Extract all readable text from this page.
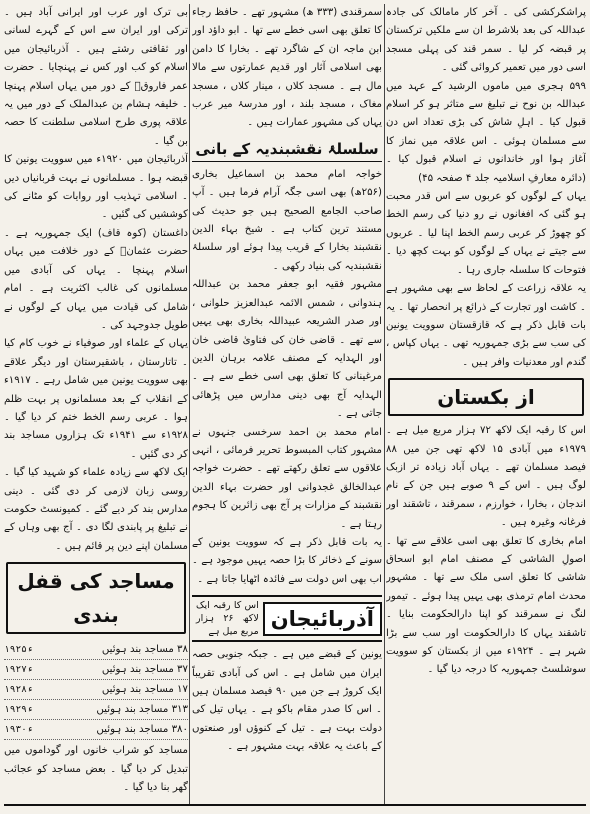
پراشکرکشی کی ۔ آخر کار مامالک کی جادہ عبداللہ کی بعد بلاشرط ان سے ملکیں ترکستان پر قبضہ کر لیا ۔ سمر قند کی پہلی مسجد اسی دور میں تعمیر کروائی گئی ۔

۵۹۹ ہجری میں ماموں الرشید کے عہد میں عبداللہ بن نوح نے تبلیغ سے متاثر ہو کر اسلام قبول کیا ۔ اہلِ شاش کی بڑی تعداد اس دن سے مسلمان ہوئی ۔ اس علاقہ میں نماز کا آغاز ہوا اور خاندانوں نے اسلام قبول کیا ۔ (دائرہ معارفِ اسلامیہ جلد ۴ صفحہ ۴۵)

یہاں کے لوگوں کو عربوں سے اس قدر محبت ہو گئی کہ افغانوں نے رو دنیا کی رسم الخط کو چھوڑ کر عربی رسم الخط اپنا لیا ۔ عربوں سے جیتے نے یہاں کے لوگوں کو بہت کچھ دیا ۔ فتوحات کا سلسلہ جاری رہا ۔

یہ علاقہ زراعت کے لحاظ سے بھی مشہور ہے ۔ کاشت اور تجارت کے ذرائع پر انحصار تھا ۔ یہ بات قابل ذکر ہے کہ قازقستان سوویت یونین کی سب سے بڑی جمہوریہ تھی ۔ یہاں کپاس ، گندم اور معدنیات وافر ہیں ۔

از بکستان

اس کا رقبہ ایک لاکھ ۷۲ ہزار مربع میل ہے ۔ ۱۹۷۹ء میں آبادی ۱۵ لاکھ تھی جن میں ۸۸ فیصد مسلمان تھے ۔ یہاں آباد زیادہ تر ازبک لوگ ہیں ۔ اس کے ۹ صوبے ہیں جن کے نام اندجان ، بخارا ، خوارزم ، سمرقند ، تاشقند اور فرغانہ وغیرہ ہیں ۔

امام بخاری کا تعلق بھی اسی علاقے سے تھا ۔ اصولِ الشاشی کے مصنف امام ابو اسحاق شاشی کا تعلق اسی ملک سے تھا ۔ مشہور محدث امام ترمذی بھی یہیں پیدا ہوئے ۔ تیمور لنگ نے سمرقند کو اپنا دارالحکومت بنایا ۔ تاشقند یہاں کا دارالحکومت اور سب سے بڑا شہر ہے ۔ ۱۹۲۴ء میں از بکستان کو سوویت سوشلسٹ جمہوریہ کا درجہ دیا گیا ۔

سمرقندی (۳۳۳ ھ) مشہور تھے ۔ حافظ رجاء کا تعلق بھی اسی خطے سے تھا ۔ ابو داؤد اور ابن ماجہ ان کے شاگرد تھے ۔ بخارا کا دامن بھی اسلامی آثار اور قدیم عمارتوں سے مالا مال ہے ۔ مسجد کلاں ، مینار کلاں ، مسجد مغاک ، مسجد بلند ، اور مدرسۂ میر عرب یہاں کی مشہور عمارات ہیں ۔

سلسلۂ نقشبندیہ کے بانی

خواجہ امام محمد بن اسماعیل بخاری (۲۵۶ھ) بھی اسی جگہ آرام فرما ہیں ۔ آپ صاحب الجامع الصحیح ہیں جو حدیث کی مستند ترین کتاب ہے ۔ شیخ بہاء الدین نقشبند بخارا کے قریب پیدا ہوئے اور سلسلۂ نقشبندیہ کی بنیاد رکھی ۔

مشہور فقیہ ابو جعفر محمد بن عبداللہ ہندوانی ، شمس الائمہ عبدالعزیز حلوانی ، اور صدر الشریعہ عبیداللہ بخاری بھی یہیں سے تھے ۔ قاضی خان کی فتاویٰ قاضی خان اور الہدایہ کے مصنف علامہ برہان الدین مرغینانی کا تعلق بھی اسی خطے سے ہے ۔ الہدایہ آج بھی دینی مدارس میں پڑھائی جاتی ہے ۔

امام محمد بن احمد سرخسی جنہوں نے مشہور کتاب المبسوط تحریر فرمائی ، انہی علاقوں سے تعلق رکھتے تھے ۔ حضرت خواجہ عبدالخالق غجدوانی اور حضرت بہاء الدین نقشبند کے مزارات پر آج بھی زائرین کا ہجوم رہتا ہے ۔

یہ بات قابل ذکر ہے کہ سوویت یونین کے سونے کے ذخائر کا بڑا حصہ یہیں موجود ہے ۔ اب بھی اس دولت سے فائدہ اٹھایا جاتا ہے ۔

آذربائیجان
اس کا رقبہ ایک لاکھ ۲۶ ہزار مربع میل ہے

یونین کے قبضے میں ہے ۔ جبکہ جنوبی حصہ ایران میں شامل ہے ۔ اس کی آبادی تقریباً ایک کروڑ ہے جن میں ۹۰ فیصد مسلمان ہیں ۔ اس کا صدر مقام باکو ہے ۔ یہاں تیل کی دولت بہت ہے ۔ تیل کے کنوؤں اور صنعتوں کے باعث یہ علاقہ بہت مشہور ہے ۔

بی ترک اور عرب اور ایرانی آباد ہیں ۔ ترکی اور ایران سے اس کے گہرے لسانی اور ثقافتی رشتے ہیں ۔ آذربائیجان میں اسلام کو کب اور کس نے پہنچایا ۔ حضرت عمر فاروقؓ کے دور میں یہاں اسلام پہنچا ۔ خلیفہ ہشام بن عبدالملک کے دور میں یہ علاقہ پوری طرح اسلامی سلطنت کا حصہ بن گیا ۔

آذربائیجان میں ۱۹۲۰ء میں سوویت یونین کا قبضہ ہوا ۔ مسلمانوں نے بہت قربانیاں دیں ۔ اسلامی تہذیب اور روایات کو مٹانے کی کوششیں کی گئیں ۔

داغستان (کوہ قاف) ایک جمہوریہ ہے ۔ حضرت عثمانؓ کے دور خلافت میں یہاں اسلام پہنچا ۔ یہاں کی آبادی میں مسلمانوں کی غالب اکثریت ہے ۔ امام شامل کی قیادت میں یہاں کے لوگوں نے طویل جدوجہد کی ۔

یہاں کے علماء اور صوفیاء نے خوب کام کیا ۔ تاتارستان ، باشقیرستان اور دیگر علاقے بھی سوویت یونین میں شامل رہے ۔ ۱۹۱۷ء کے انقلاب کے بعد مسلمانوں پر بہت ظلم ہوا ۔ عربی رسم الخط ختم کر دیا گیا ۔ ۱۹۲۸ء سے ۱۹۴۱ء تک ہزاروں مساجد بند کر دی گئیں ۔

ایک لاکھ سے زیادہ علماء کو شہید کیا گیا ۔ روسی زبان لازمی کر دی گئی ۔ دینی مدارس بند کر دیے گئے ۔ کمیونسٹ حکومت نے تبلیغ پر پابندی لگا دی ۔ آج بھی وہاں کے مسلمان اپنے دین پر قائم ہیں ۔

مساجد کی قفل بندی
۳۸ مساجد بند ہوئیں
۱۹۲۵ء
۳۷ مساجد بند ہوئیں
۱۹۲۷ء
۱۷ مساجد بند ہوئیں
۱۹۲۸ء
۳۱۳ مساجد بند ہوئیں
۱۹۲۹ء
۳۸۰ مساجد بند ہوئیں
۱۹۳۰ء

مساجد کو شراب خانوں اور گوداموں میں تبدیل کر دیا گیا ۔ بعض مساجد کو عجائب گھر بنا دیا گیا ۔
